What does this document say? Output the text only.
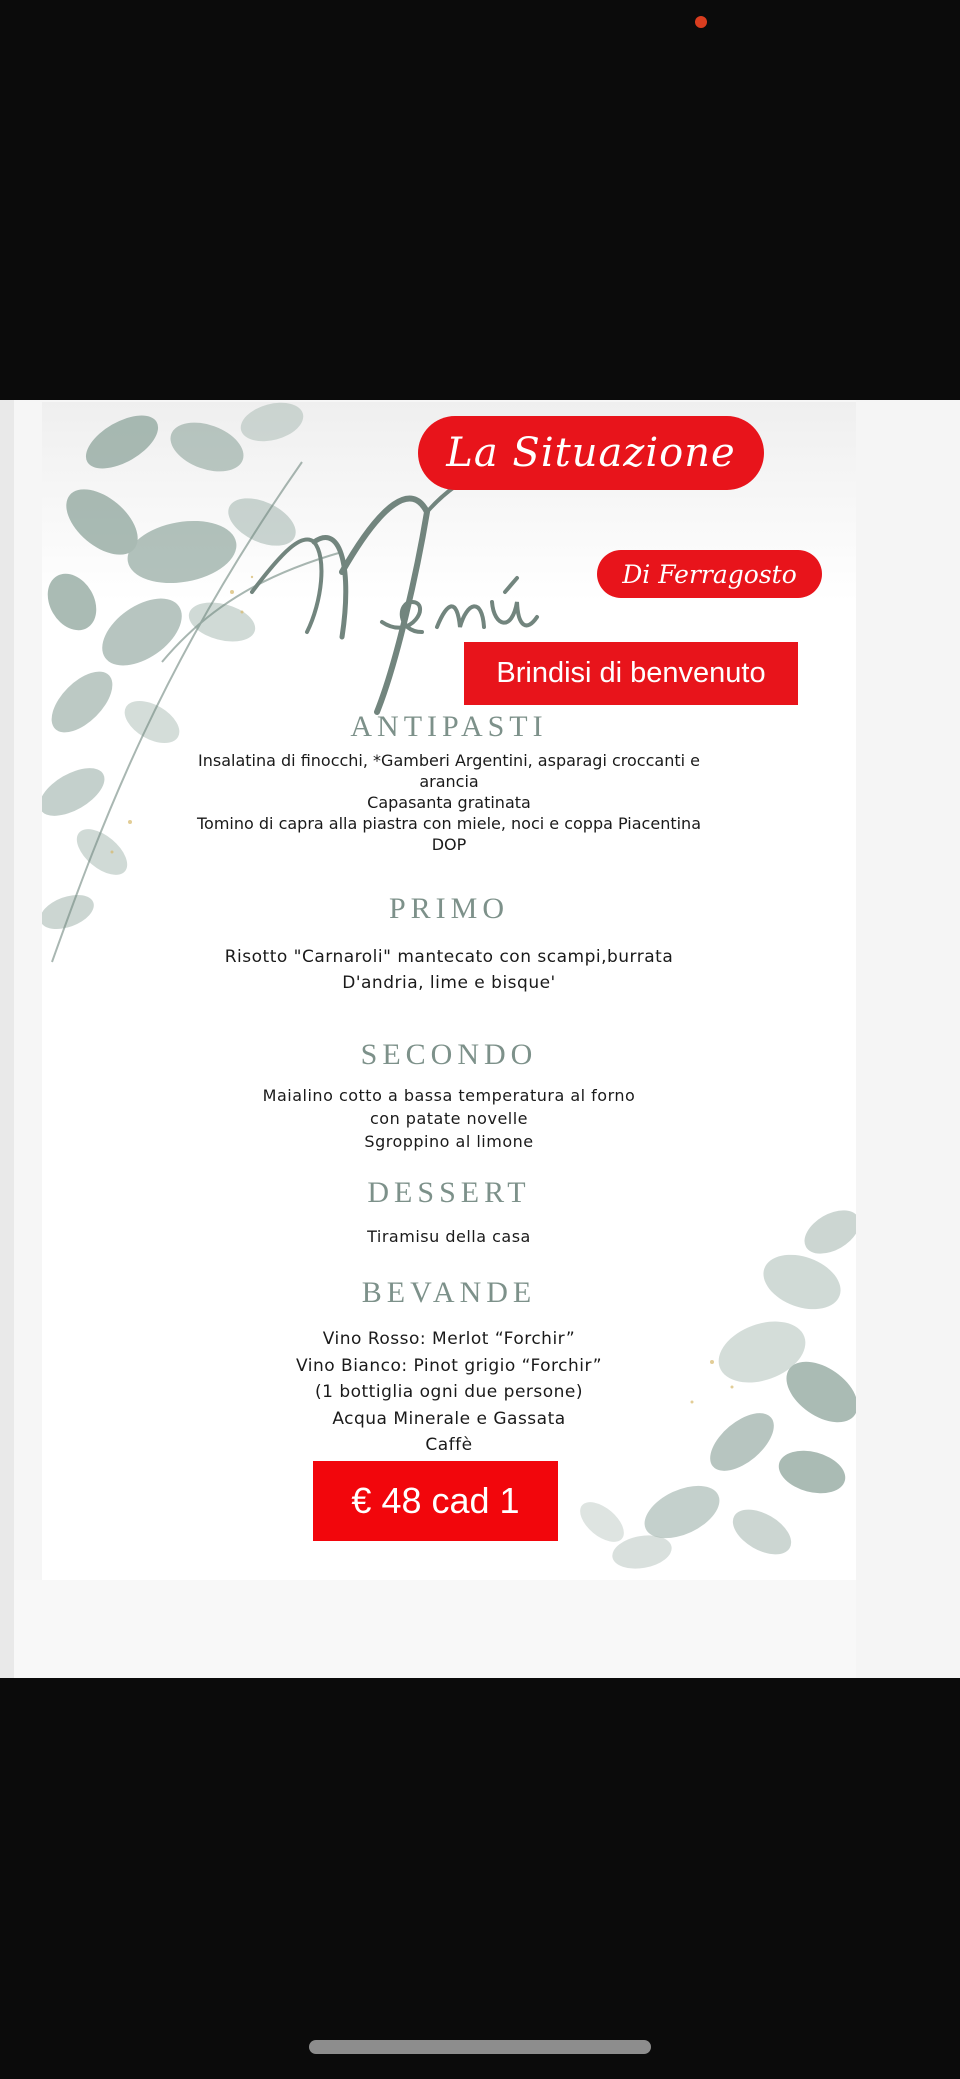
Menù
La Situazione
Di Ferragosto
Brindisi di benvenuto
ANTIPASTI
Insalatina di finocchi, *Gamberi Argentini, asparagi croccanti e
arancia
Capasanta gratinata
Tomino di capra alla piastra con miele, noci e coppa Piacentina
DOP
PRIMO
Risotto "Carnaroli" mantecato con scampi,burrata
D'andria, lime e bisque'
SECONDO
Maialino cotto a bassa temperatura al forno
con patate novelle
Sgroppino al limone
DESSERT
Tiramisu della casa
BEVANDE
Vino Rosso: Merlot “Forchir”
Vino Bianco: Pinot grigio “Forchir”
(1 bottiglia ogni due persone)
Acqua Minerale e Gassata
Caffè
€ 48 cad 1
